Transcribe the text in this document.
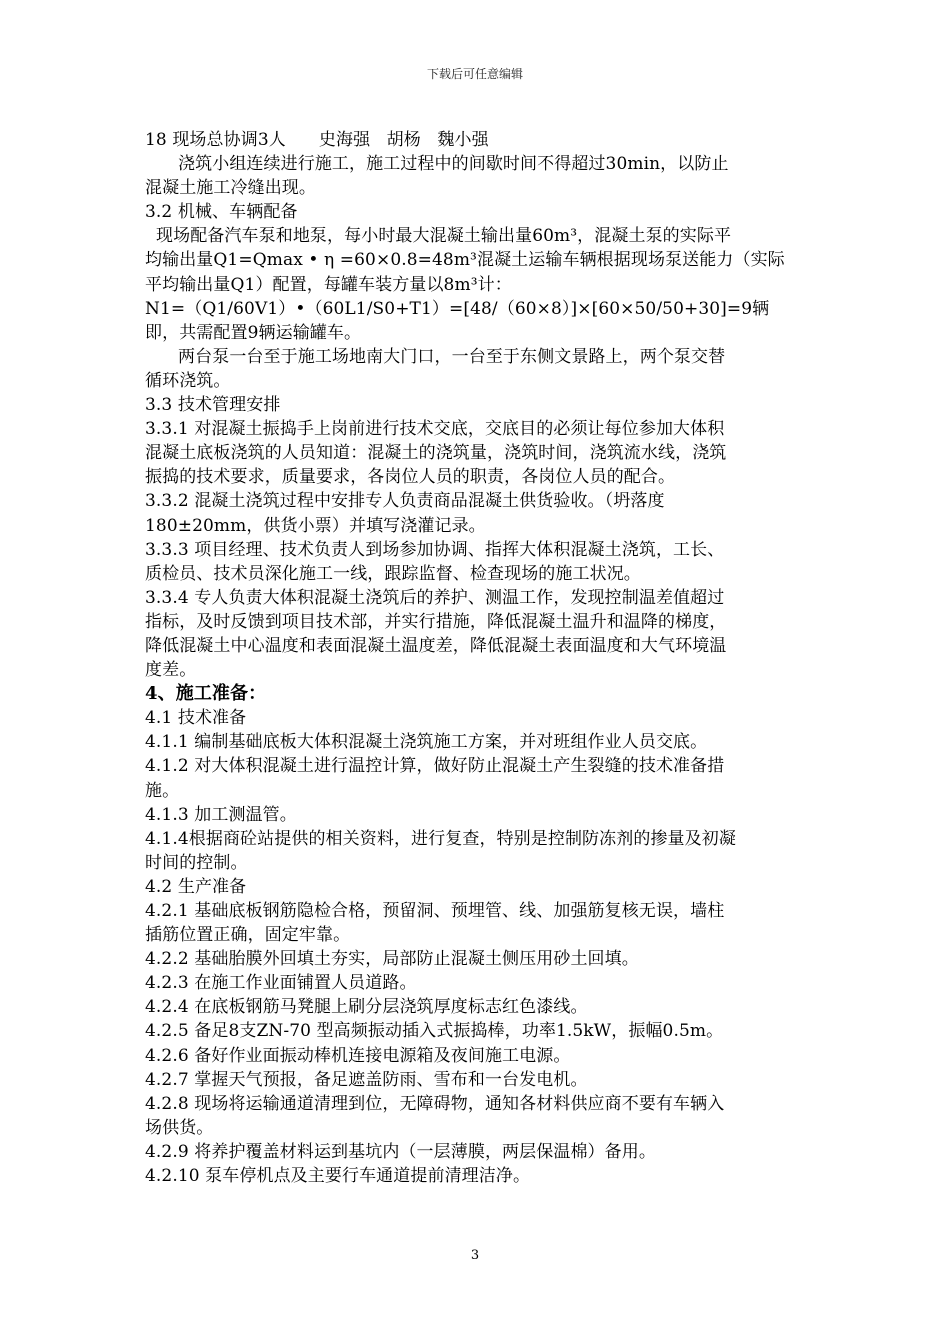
下载后可任意编辑

18 现场总协调3人      史海强   胡杨   魏小强

浇筑小组连续进行施工，施工过程中的间歇时间不得超过30min，以防止

混凝土施工冷缝出现。

3.2 机械、车辆配备

现场配备汽车泵和地泵，每小时最大混凝土输出量60m³，混凝土泵的实际平

均输出量Q1=Qmax • η =60×0.8=48m³混凝土运输车辆根据现场泵送能力（实际

平均输出量Q1）配置，每罐车装方量以8m³计：

N1=（Q1/60V1）•（60L1/S0+T1）=[48/（60×8）]×[60×50/50+30]=9辆

即，共需配置9辆运输罐车。

两台泵一台至于施工场地南大门口，一台至于东侧文景路上，两个泵交替

循环浇筑。

3.3 技术管理安排

3.3.1 对混凝土振捣手上岗前进行技术交底，交底目的必须让每位参加大体积

混凝土底板浇筑的人员知道：混凝土的浇筑量，浇筑时间，浇筑流水线，浇筑

振捣的技术要求，质量要求，各岗位人员的职责，各岗位人员的配合。

3.3.2 混凝土浇筑过程中安排专人负责商品混凝土供货验收。（坍落度

180±20mm，供货小票）并填写浇灌记录。

3.3.3 项目经理、技术负责人到场参加协调、指挥大体积混凝土浇筑，工长、

质检员、技术员深化施工一线，跟踪监督、检查现场的施工状况。

3.3.4 专人负责大体积混凝土浇筑后的养护、测温工作，发现控制温差值超过

指标，及时反馈到项目技术部，并实行措施，降低混凝土温升和温降的梯度，

降低混凝土中心温度和表面混凝土温度差，降低混凝土表面温度和大气环境温

度差。

4、施工准备：

4.1 技术准备

4.1.1 编制基础底板大体积混凝土浇筑施工方案，并对班组作业人员交底。

4.1.2 对大体积混凝土进行温控计算，做好防止混凝土产生裂缝的技术准备措

施。

4.1.3 加工测温管。

4.1.4根据商砼站提供的相关资料，进行复查，特别是控制防冻剂的掺量及初凝

时间的控制。

4.2 生产准备

4.2.1 基础底板钢筋隐检合格，预留洞、预埋管、线、加强筋复核无误，墙柱

插筋位置正确，固定牢靠。

4.2.2 基础胎膜外回填土夯实，局部防止混凝土侧压用砂土回填。

4.2.3 在施工作业面铺置人员道路。

4.2.4 在底板钢筋马凳腿上刷分层浇筑厚度标志红色漆线。

4.2.5 备足8支ZN-70 型高频振动插入式振捣棒，功率1.5kW，振幅0.5m。

4.2.6 备好作业面振动棒机连接电源箱及夜间施工电源。

4.2.7 掌握天气预报，备足遮盖防雨、雪布和一台发电机。

4.2.8 现场将运输通道清理到位，无障碍物，通知各材料供应商不要有车辆入

场供货。

4.2.9 将养护覆盖材料运到基坑内（一层薄膜，两层保温棉）备用。

4.2.10 泵车停机点及主要行车通道提前清理洁净。

3
